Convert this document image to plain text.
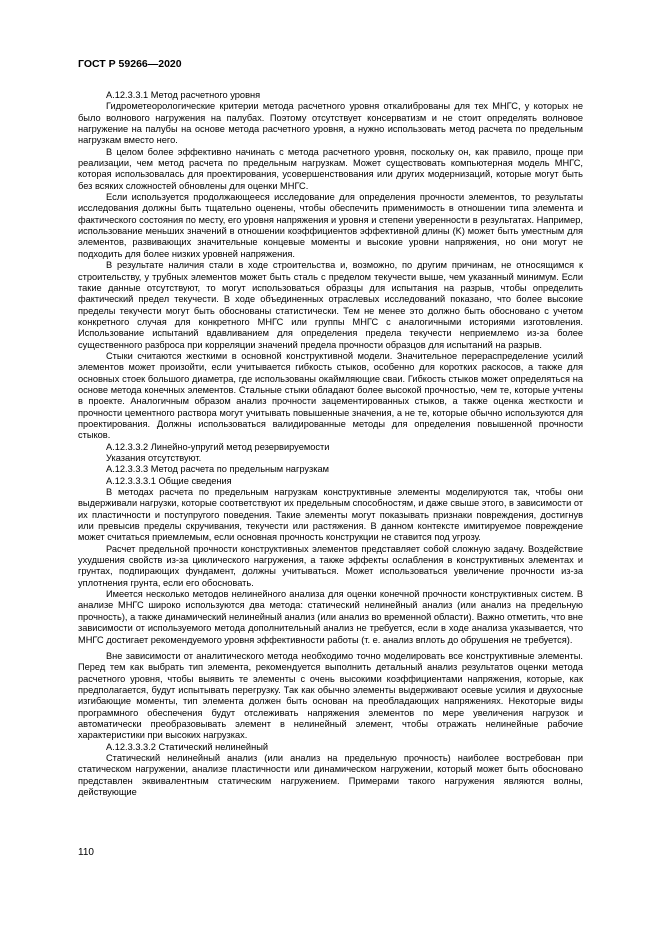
ГОСТ Р 59266—2020

А.12.3.3.1 Метод расчетного уровня

Гидрометеорологические критерии метода расчетного уровня откалиброваны для тех МНГС, у которых не было волнового нагружения на палубах. Поэтому отсутствует консерватизм и не стоит определять волновое нагружение на палубы на основе метода расчетного уровня, а нужно использовать метод расчета по предельным нагрузкам вместо него.

В целом более эффективно начинать с метода расчетного уровня, поскольку он, как правило, проще при реализации, чем метод расчета по предельным нагрузкам. Может существовать компьютерная модель МНГС, которая использовалась для проектирования, усовершенствования или других модернизаций, которые могут быть без всяких сложностей обновлены для оценки МНГС.

Если используется продолжающееся исследование для определения прочности элементов, то результаты исследования должны быть тщательно оценены, чтобы обеспечить применимость в отношении типа элемента и фактического состояния по месту, его уровня напряжения и уровня и степени уверенности в результатах. Например, использование меньших значений в отношении коэффициентов эффективной длины (K) может быть уместным для элементов, развивающих значительные концевые моменты и высокие уровни напряжения, но они могут не подходить для более низких уровней напряжения.

В результате наличия стали в ходе строительства и, возможно, по другим причинам, не относящимся к строительству, у трубных элементов может быть сталь с пределом текучести выше, чем указанный минимум. Если такие данные отсутствуют, то могут использоваться образцы для испытания на разрыв, чтобы определить фактический предел текучести. В ходе объединенных отраслевых исследований показано, что более высокие пределы текучести могут быть обоснованы статистически. Тем не менее это должно быть обосновано с учетом конкретного случая для конкретного МНГС или группы МНГС с аналогичными историями изготовления. Использование испытаний вдавливанием для определения предела текучести неприемлемо из-за более существенного разброса при корреляции значений предела прочности образцов для испытаний на разрыв.

Стыки считаются жесткими в основной конструктивной модели. Значительное перераспределение усилий элементов может произойти, если учитывается гибкость стыков, особенно для коротких раскосов, а также для основных стоек большого диаметра, где использованы окаймляющие сваи. Гибкость стыков может определяться на основе метода конечных элементов. Стальные стыки обладают более высокой прочностью, чем те, которые учтены в проекте. Аналогичным образом анализ прочности зацементированных стыков, а также оценка жесткости и прочности цементного раствора могут учитывать повышенные значения, а не те, которые обычно используются для проектирования. Должны использоваться валидированные методы для определения повышенной прочности стыков.

А.12.3.3.2 Линейно-упругий метод резервируемости

Указания отсутствуют.

А.12.3.3.3 Метод расчета по предельным нагрузкам

А.12.3.3.3.1 Общие сведения

В методах расчета по предельным нагрузкам конструктивные элементы моделируются так, чтобы они выдерживали нагрузки, которые соответствуют их предельным способностям, и даже свыше этого, в зависимости от их пластичности и поступругого поведения. Такие элементы могут показывать признаки повреждения, достигнув или превысив пределы скручивания, текучести или растяжения. В данном контексте имитируемое повреждение может считаться приемлемым, если основная прочность конструкции не ставится под угрозу.

Расчет предельной прочности конструктивных элементов представляет собой сложную задачу. Воздействие ухудшения свойств из-за циклического нагружения, а также эффекты ослабления в конструктивных элементах и грунтах, подпирающих фундамент, должны учитываться. Может использоваться увеличение прочности из-за уплотнения грунта, если его обосновать.

Имеется несколько методов нелинейного анализа для оценки конечной прочности конструктивных систем. В анализе МНГС широко используются два метода: статический нелинейный анализ (или анализ на предельную прочность), а также динамический нелинейный анализ (или анализ во временной области). Важно отметить, что вне зависимости от используемого метода дополнительный анализ не требуется, если в ходе анализа указывается, что МНГС достигает рекомендуемого уровня эффективности работы (т. е. анализ вплоть до обрушения не требуется).

Вне зависимости от аналитического метода необходимо точно моделировать все конструктивные элементы. Перед тем как выбрать тип элемента, рекомендуется выполнить детальный анализ результатов оценки метода расчетного уровня, чтобы выявить те элементы с очень высокими коэффициентами напряжения, которые, как предполагается, будут испытывать перегрузку. Так как обычно элементы выдерживают осевые усилия и двухосные изгибающие моменты, тип элемента должен быть основан на преобладающих напряжениях. Некоторые виды программного обеспечения будут отслеживать напряжения элементов по мере увеличения нагрузок и автоматически преобразовывать элемент в нелинейный элемент, чтобы отражать нелинейные рабочие характеристики при высоких нагрузках.

А.12.3.3.3.2 Статический нелинейный

Статический нелинейный анализ (или анализ на предельную прочность) наиболее востребован при статическом нагружении, анализе пластичности или динамическом нагружении, который может быть обосновано представлен эквивалентным статическим нагружением. Примерами такого нагружения являются волны, действующие

110
